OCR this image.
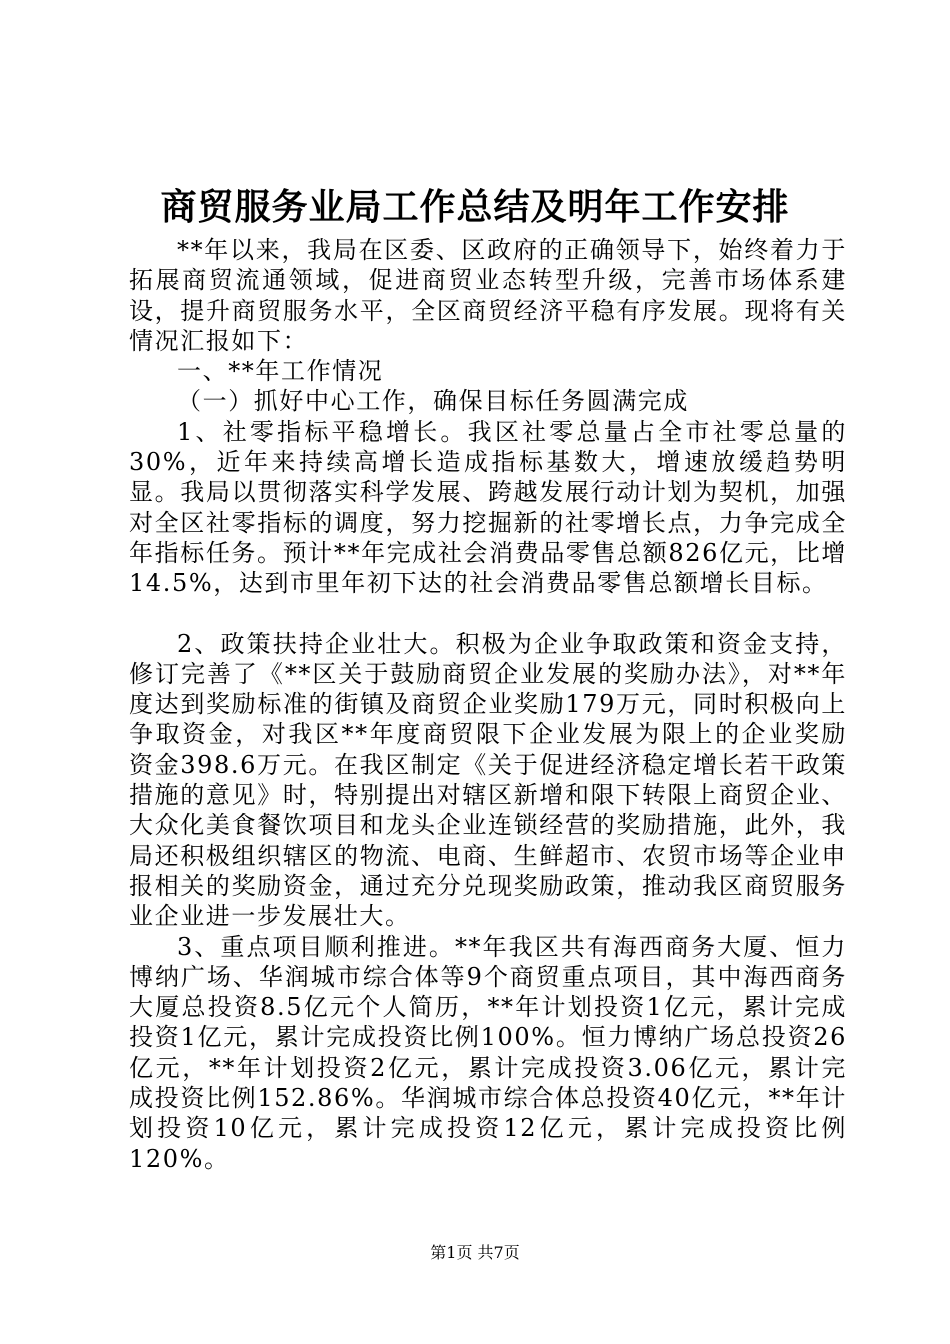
商贸服务业局工作总结及明年工作安排

**年以来，我局在区委、区政府的正确领导下，始终着力于拓展商贸流通领域，促进商贸业态转型升级，完善市场体系建设，提升商贸服务水平，全区商贸经济平稳有序发展。现将有关情况汇报如下：

一、**年工作情况

（一）抓好中心工作，确保目标任务圆满完成

1、社零指标平稳增长。我区社零总量占全市社零总量的30%，近年来持续高增长造成指标基数大，增速放缓趋势明显。我局以贯彻落实科学发展、跨越发展行动计划为契机，加强对全区社零指标的调度，努力挖掘新的社零增长点，力争完成全年指标任务。预计**年完成社会消费品零售总额826亿元，比增14.5%，达到市里年初下达的社会消费品零售总额增长目标。

2、政策扶持企业壮大。积极为企业争取政策和资金支持，修订完善了《**区关于鼓励商贸企业发展的奖励办法》，对**年度达到奖励标准的街镇及商贸企业奖励179万元，同时积极向上争取资金，对我区**年度商贸限下企业发展为限上的企业奖励资金398.6万元。在我区制定《关于促进经济稳定增长若干政策措施的意见》时，特别提出对辖区新增和限下转限上商贸企业、大众化美食餐饮项目和龙头企业连锁经营的奖励措施，此外，我局还积极组织辖区的物流、电商、生鲜超市、农贸市场等企业申报相关的奖励资金，通过充分兑现奖励政策，推动我区商贸服务业企业进一步发展壮大。

3、重点项目顺利推进。**年我区共有海西商务大厦、恒力博纳广场、华润城市综合体等9个商贸重点项目，其中海西商务大厦总投资8.5亿元个人简历，**年计划投资1亿元，累计完成投资1亿元，累计完成投资比例100%。恒力博纳广场总投资26亿元，**年计划投资2亿元，累计完成投资3.06亿元，累计完成投资比例152.86%。华润城市综合体总投资40亿元，**年计划投资10亿元，累计完成投资12亿元，累计完成投资比例120%。

第1页 共7页
